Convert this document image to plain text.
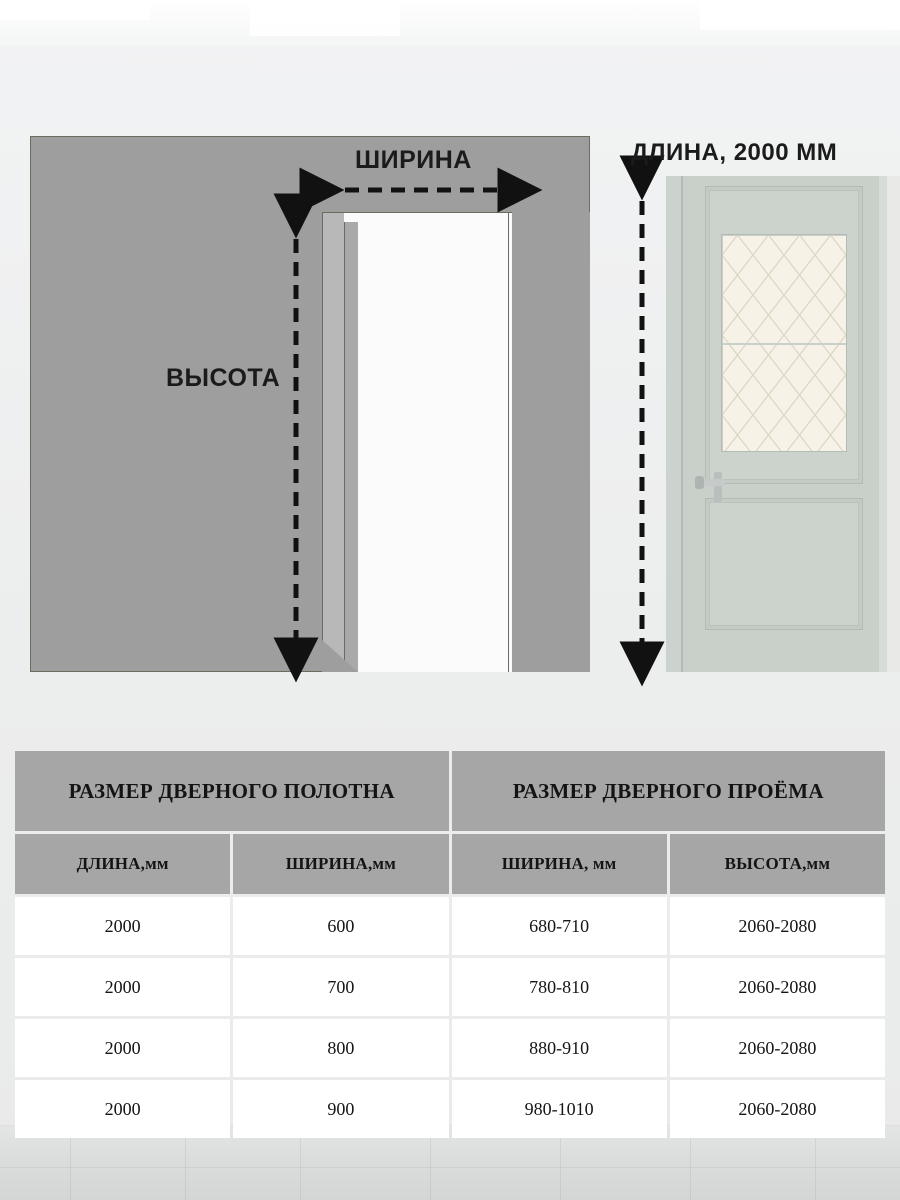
ШИРИНА
ВЫСОТА
ДЛИНА, 2000 ММ
РАЗМЕР ДВЕРНОГО ПОЛОТНА		РАЗМЕР ДВЕРНОГО ПРОЁМА	
ДЛИНА,мм	ШИРИНА,мм	ШИРИНА, мм	ВЫСОТА,мм
2000	600	680-710	2060-2080
2000	700	780-810	2060-2080
2000	800	880-910	2060-2080
2000	900	980-1010	2060-2080
